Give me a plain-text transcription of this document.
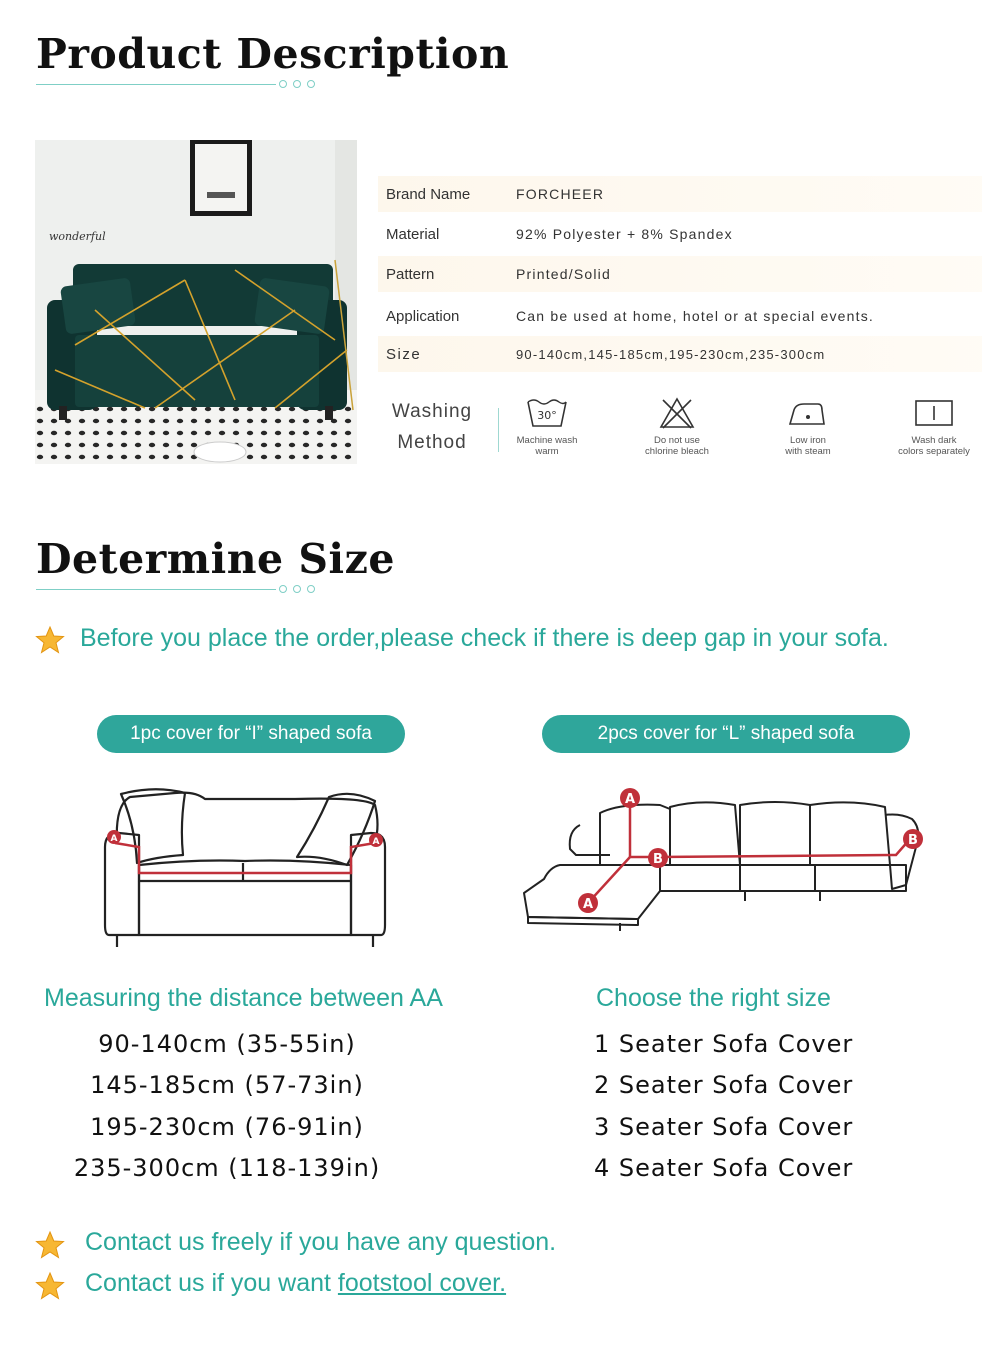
Product Description
wonderful
Brand Name	FORCHEER
Material	92% Polyester + 8% Spandex
Pattern	Printed/Solid
Application	Can be used at home, hotel or at special events.
Size	90-140cm,145-185cm,195-230cm,235-300cm
Washing
Method
30°
Machine wash
warm
Do not use
chlorine bleach
Low iron
with steam
Wash dark
colors separately
Determine Size
Before you place the order,please check if there is deep gap in your sofa.
1pc cover for “I” shaped sofa	2pcs cover for “L” shaped sofa
A	A
A
B
B
A
Measuring the distance between AA	Choose the right size
90-140cm (35-55in)
145-185cm (57-73in)
195-230cm (76-91in)
235-300cm (118-139in)
1 Seater Sofa Cover
2 Seater Sofa Cover
3 Seater Sofa Cover
4 Seater Sofa Cover
Contact us freely if you have any question.
Contact us if you want footstool cover.
